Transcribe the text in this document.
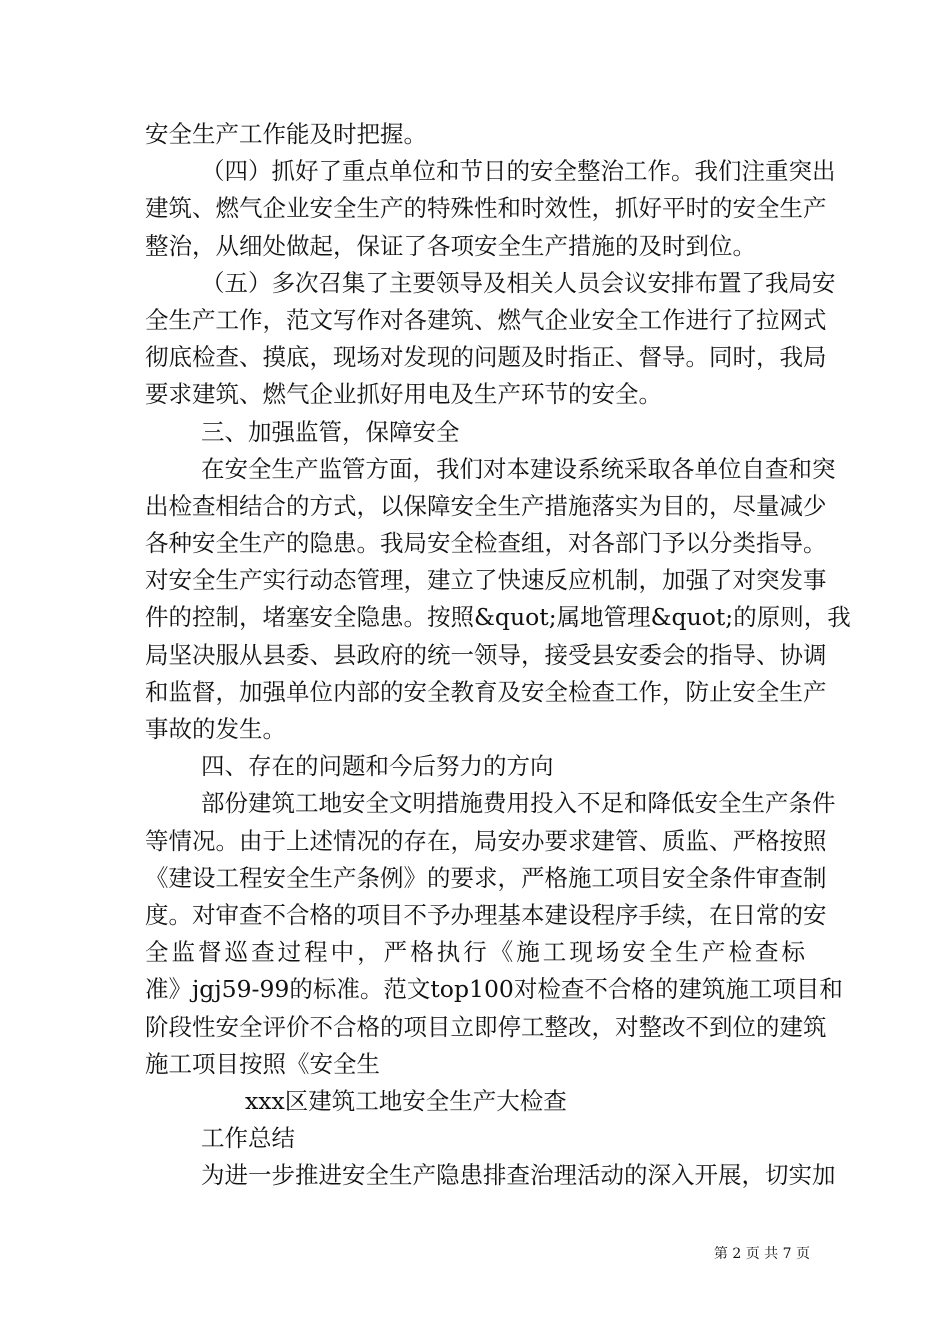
安全生产工作能及时把握。
（四）抓好了重点单位和节日的安全整治工作。我们注重突出
建筑、燃气企业安全生产的特殊性和时效性，抓好平时的安全生产
整治，从细处做起，保证了各项安全生产措施的及时到位。
（五）多次召集了主要领导及相关人员会议安排布置了我局安
全生产工作，范文写作对各建筑、燃气企业安全工作进行了拉网式
彻底检查、摸底，现场对发现的问题及时指正、督导。同时，我局
要求建筑、燃气企业抓好用电及生产环节的安全。
三、加强监管，保障安全
在安全生产监管方面，我们对本建设系统采取各单位自查和突
出检查相结合的方式，以保障安全生产措施落实为目的，尽量减少
各种安全生产的隐患。我局安全检查组，对各部门予以分类指导。
对安全生产实行动态管理，建立了快速反应机制，加强了对突发事
件的控制，堵塞安全隐患。按照&quot;属地管理&quot;的原则，我
局坚决服从县委、县政府的统一领导，接受县安委会的指导、协调
和监督，加强单位内部的安全教育及安全检查工作，防止安全生产
事故的发生。
四、存在的问题和今后努力的方向
部份建筑工地安全文明措施费用投入不足和降低安全生产条件
等情况。由于上述情况的存在，局安办要求建管、质监、严格按照
《建设工程安全生产条例》的要求，严格施工项目安全条件审查制
度。对审查不合格的项目不予办理基本建设程序手续，在日常的安
全监督巡查过程中，严格执行《施工现场安全生产检查标
准》jgj59-99的标准。范文top100对检查不合格的建筑施工项目和
阶段性安全评价不合格的项目立即停工整改，对整改不到位的建筑
施工项目按照《安全生
xxx区建筑工地安全生产大检查
工作总结
为进一步推进安全生产隐患排查治理活动的深入开展，切实加
第 2 页 共 7 页
